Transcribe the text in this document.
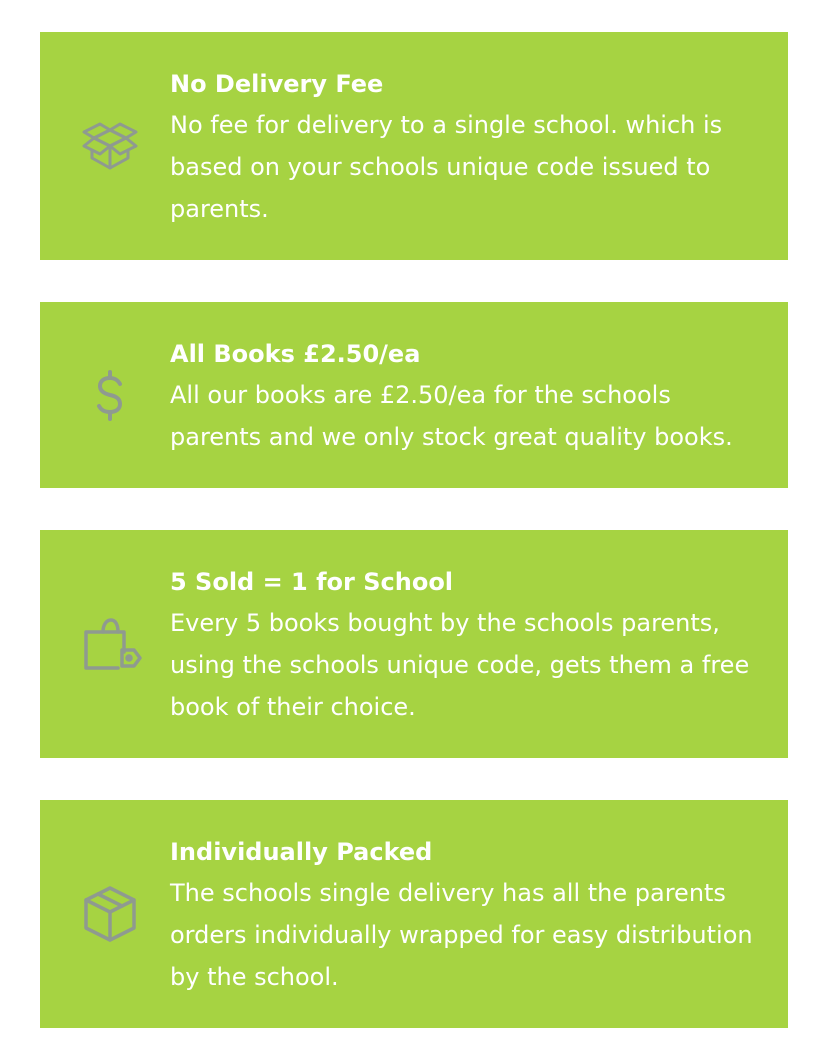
No Delivery Fee

No fee for delivery to a single school. which is based on your schools unique code issued to parents.

All Books £2.50/ea

All our books are £2.50/ea for the schools parents and we only stock great quality books.

5 Sold = 1 for School

Every 5 books bought by the schools parents, using the schools unique code, gets them a free book of their choice.

Individually Packed

The schools single delivery has all the parents orders individually wrapped for easy distribution by the school.
